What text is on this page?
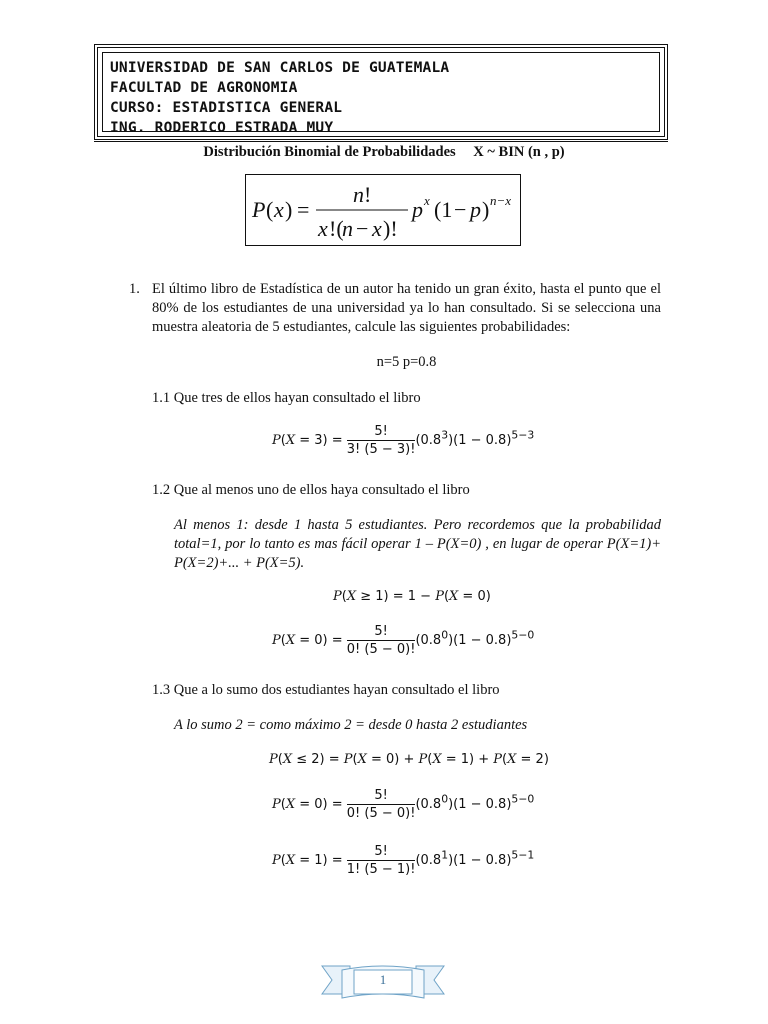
UNIVERSIDAD DE SAN CARLOS DE GUATEMALA
FACULTAD DE AGRONOMIA
CURSO: ESTADISTICA GENERAL
ING. RODERICO ESTRADA MUY
Distribución Binomial de Probabilidades X ~ BIN (n , p)
P ( x ) =
n !
x !(
n − x )!
p x (1 − p ) n−x
1. El último libro de Estadística de un autor ha tenido un gran éxito, hasta el punto que el 80% de los estudiantes de una universidad ya lo han consultado. Si se selecciona una muestra aleatoria de 5 estudiantes, calcule las siguientes probabilidades:
n=5 p=0.8
1.1 Que tres de ellos hayan consultado el libro
$P(X = 3) = \frac{5!}{3! (5 - 3)!} (0.8^3)(1 - 0.8)^{5-3}$
1.2 Que al menos uno de ellos haya consultado el libro
Al menos 1: desde 1 hasta 5 estudiantes. Pero recordemos que la probabilidad total=1, por lo tanto es mas fácil operar 1 – P(X=0) , en lugar de operar P(X=1)+ P(X=2)+... + P(X=5).
P(X ≥ 1) = 1 − P(X = 0)
$P(X = 0) = \frac{5!}{0! (5 - 0)!} (0.8^0)(1 - 0.8)^{5-0}$
1.3 Que a lo sumo dos estudiantes hayan consultado el libro
A lo sumo 2 = como máximo 2 = desde 0 hasta 2 estudiantes
P(X ≤ 2) = P(X = 0) + P(X = 1) + P(X = 2)
$P(X = 0) = \frac{5!}{0! (5 - 0)!} (0.8^0)(1 - 0.8)^{5-0}$
$P(X = 1) = \frac{5!}{1! (5 - 1)!} (0.8^1)(1 - 0.8)^{5-1}$
1
